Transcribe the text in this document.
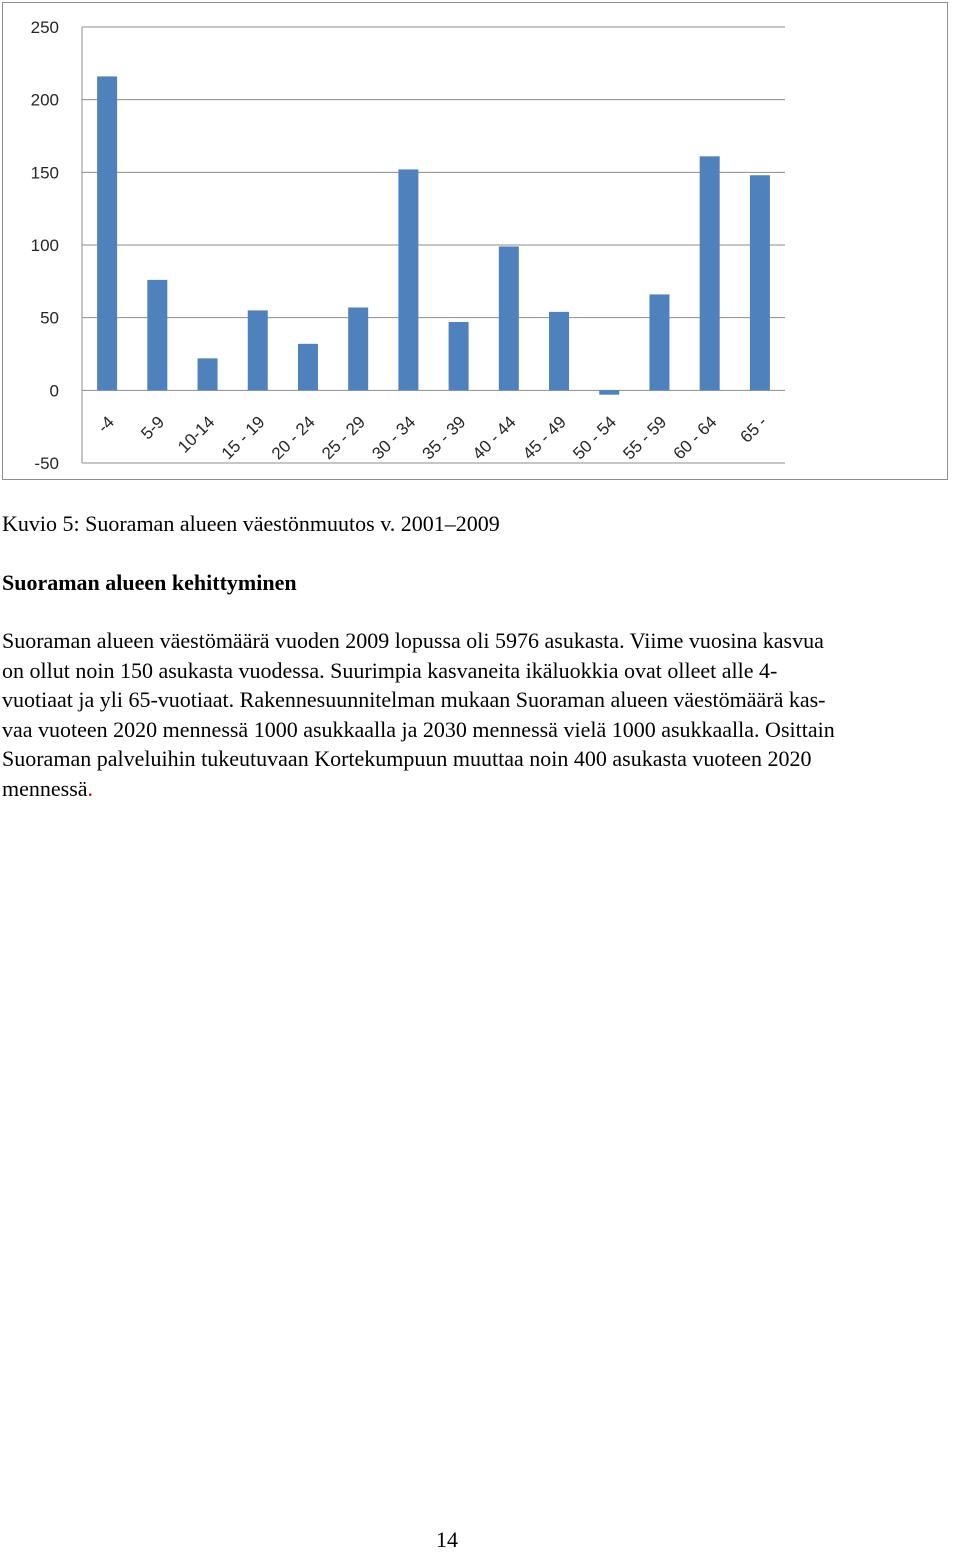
250
200
150
100
50
0
-50
-4 5-9 10-14 15 - 19 20 - 24 25 - 29 30 - 34 35 - 39 40 - 44 45 - 49 50 - 54 55 - 59 60 - 64 65 -
Kuvio 5: Suoraman alueen väestönmuutos v. 2001–2009
Suoraman alueen kehittyminen
Suoraman alueen väestömäärä vuoden 2009 lopussa oli 5976 asukasta. Viime vuosina kasvua
on ollut noin 150 asukasta vuodessa. Suurimpia kasvaneita ikäluokkia ovat olleet alle 4-
vuotiaat ja yli 65-vuotiaat. Rakennesuunnitelman mukaan Suoraman alueen väestömäärä kas-
vaa vuoteen 2020 mennessä 1000 asukkaalla ja 2030 mennessä vielä 1000 asukkaalla. Osittain
Suoraman palveluihin tukeutuvaan Kortekumpuun muuttaa noin 400 asukasta vuoteen 2020
mennessä.
14
